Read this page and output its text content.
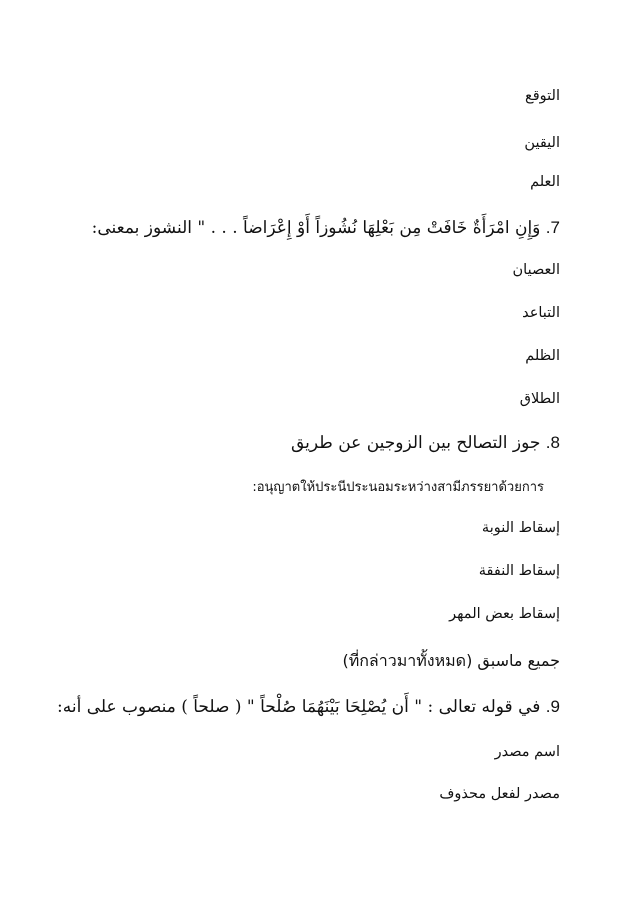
التوقع
اليقين
العلم
7. وَإِنِ امْرَأَةٌ خَافَتْ مِن بَعْلِهَا نُشُوزاً أَوْ إِعْرَاضاً . . . " النشوز بمعنى:
العصيان
التباعد
الظلم
الطلاق
8. جوز التصالح بين الزوجين عن طريق
อนุญาตให้ประนีประนอมระหว่างสามีภรรยาด้วยการ:
إسقاط النوبة
إسقاط النفقة
إسقاط بعض المهر
جميع ماسبق (ที่กล่าวมาทั้งหมด)
9. في قوله تعالى : " أَن يُصْلِحَا بَيْنَهُمَا صُلْحاً " ( صلحاً ) منصوب على أنه:
اسم مصدر
مصدر لفعل محذوف
